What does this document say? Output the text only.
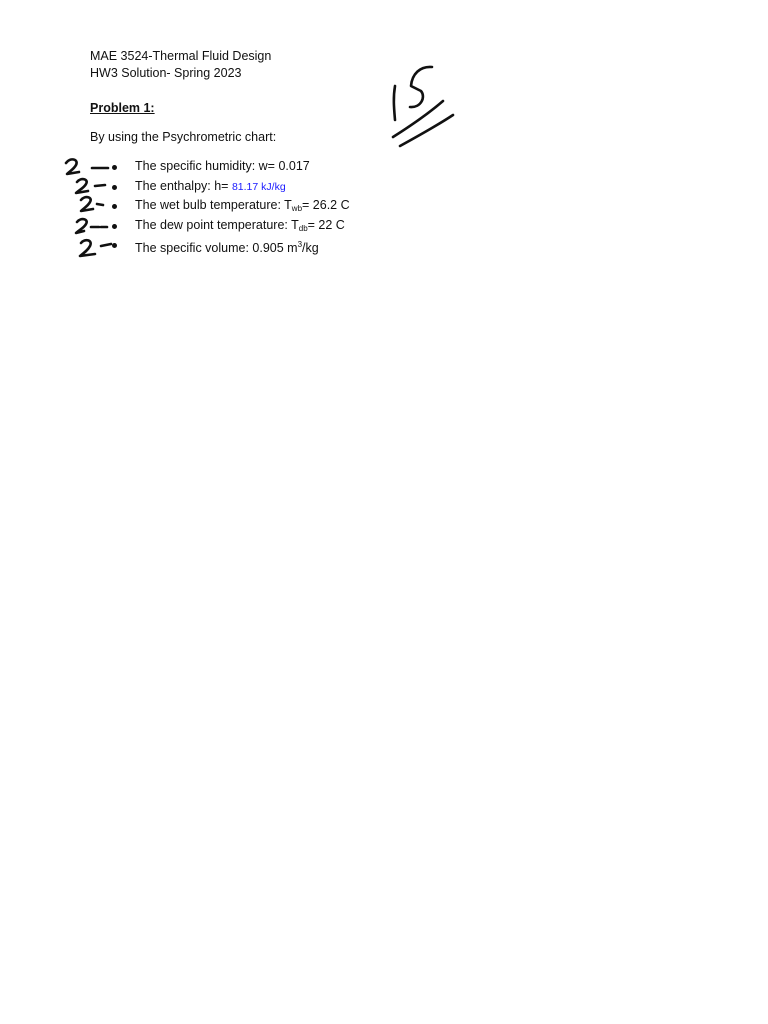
MAE 3524-Thermal Fluid Design
HW3 Solution- Spring 2023
Problem 1:
By using the Psychrometric chart:
The specific humidity: w= 0.017
The enthalpy: h= 81.17 kJ/kg
The wet bulb temperature: $T_{wb}= 26.2$ C
The dew point temperature: $T_{db}= 22$ C
The specific volume: 0.905 $m^3/kg$
